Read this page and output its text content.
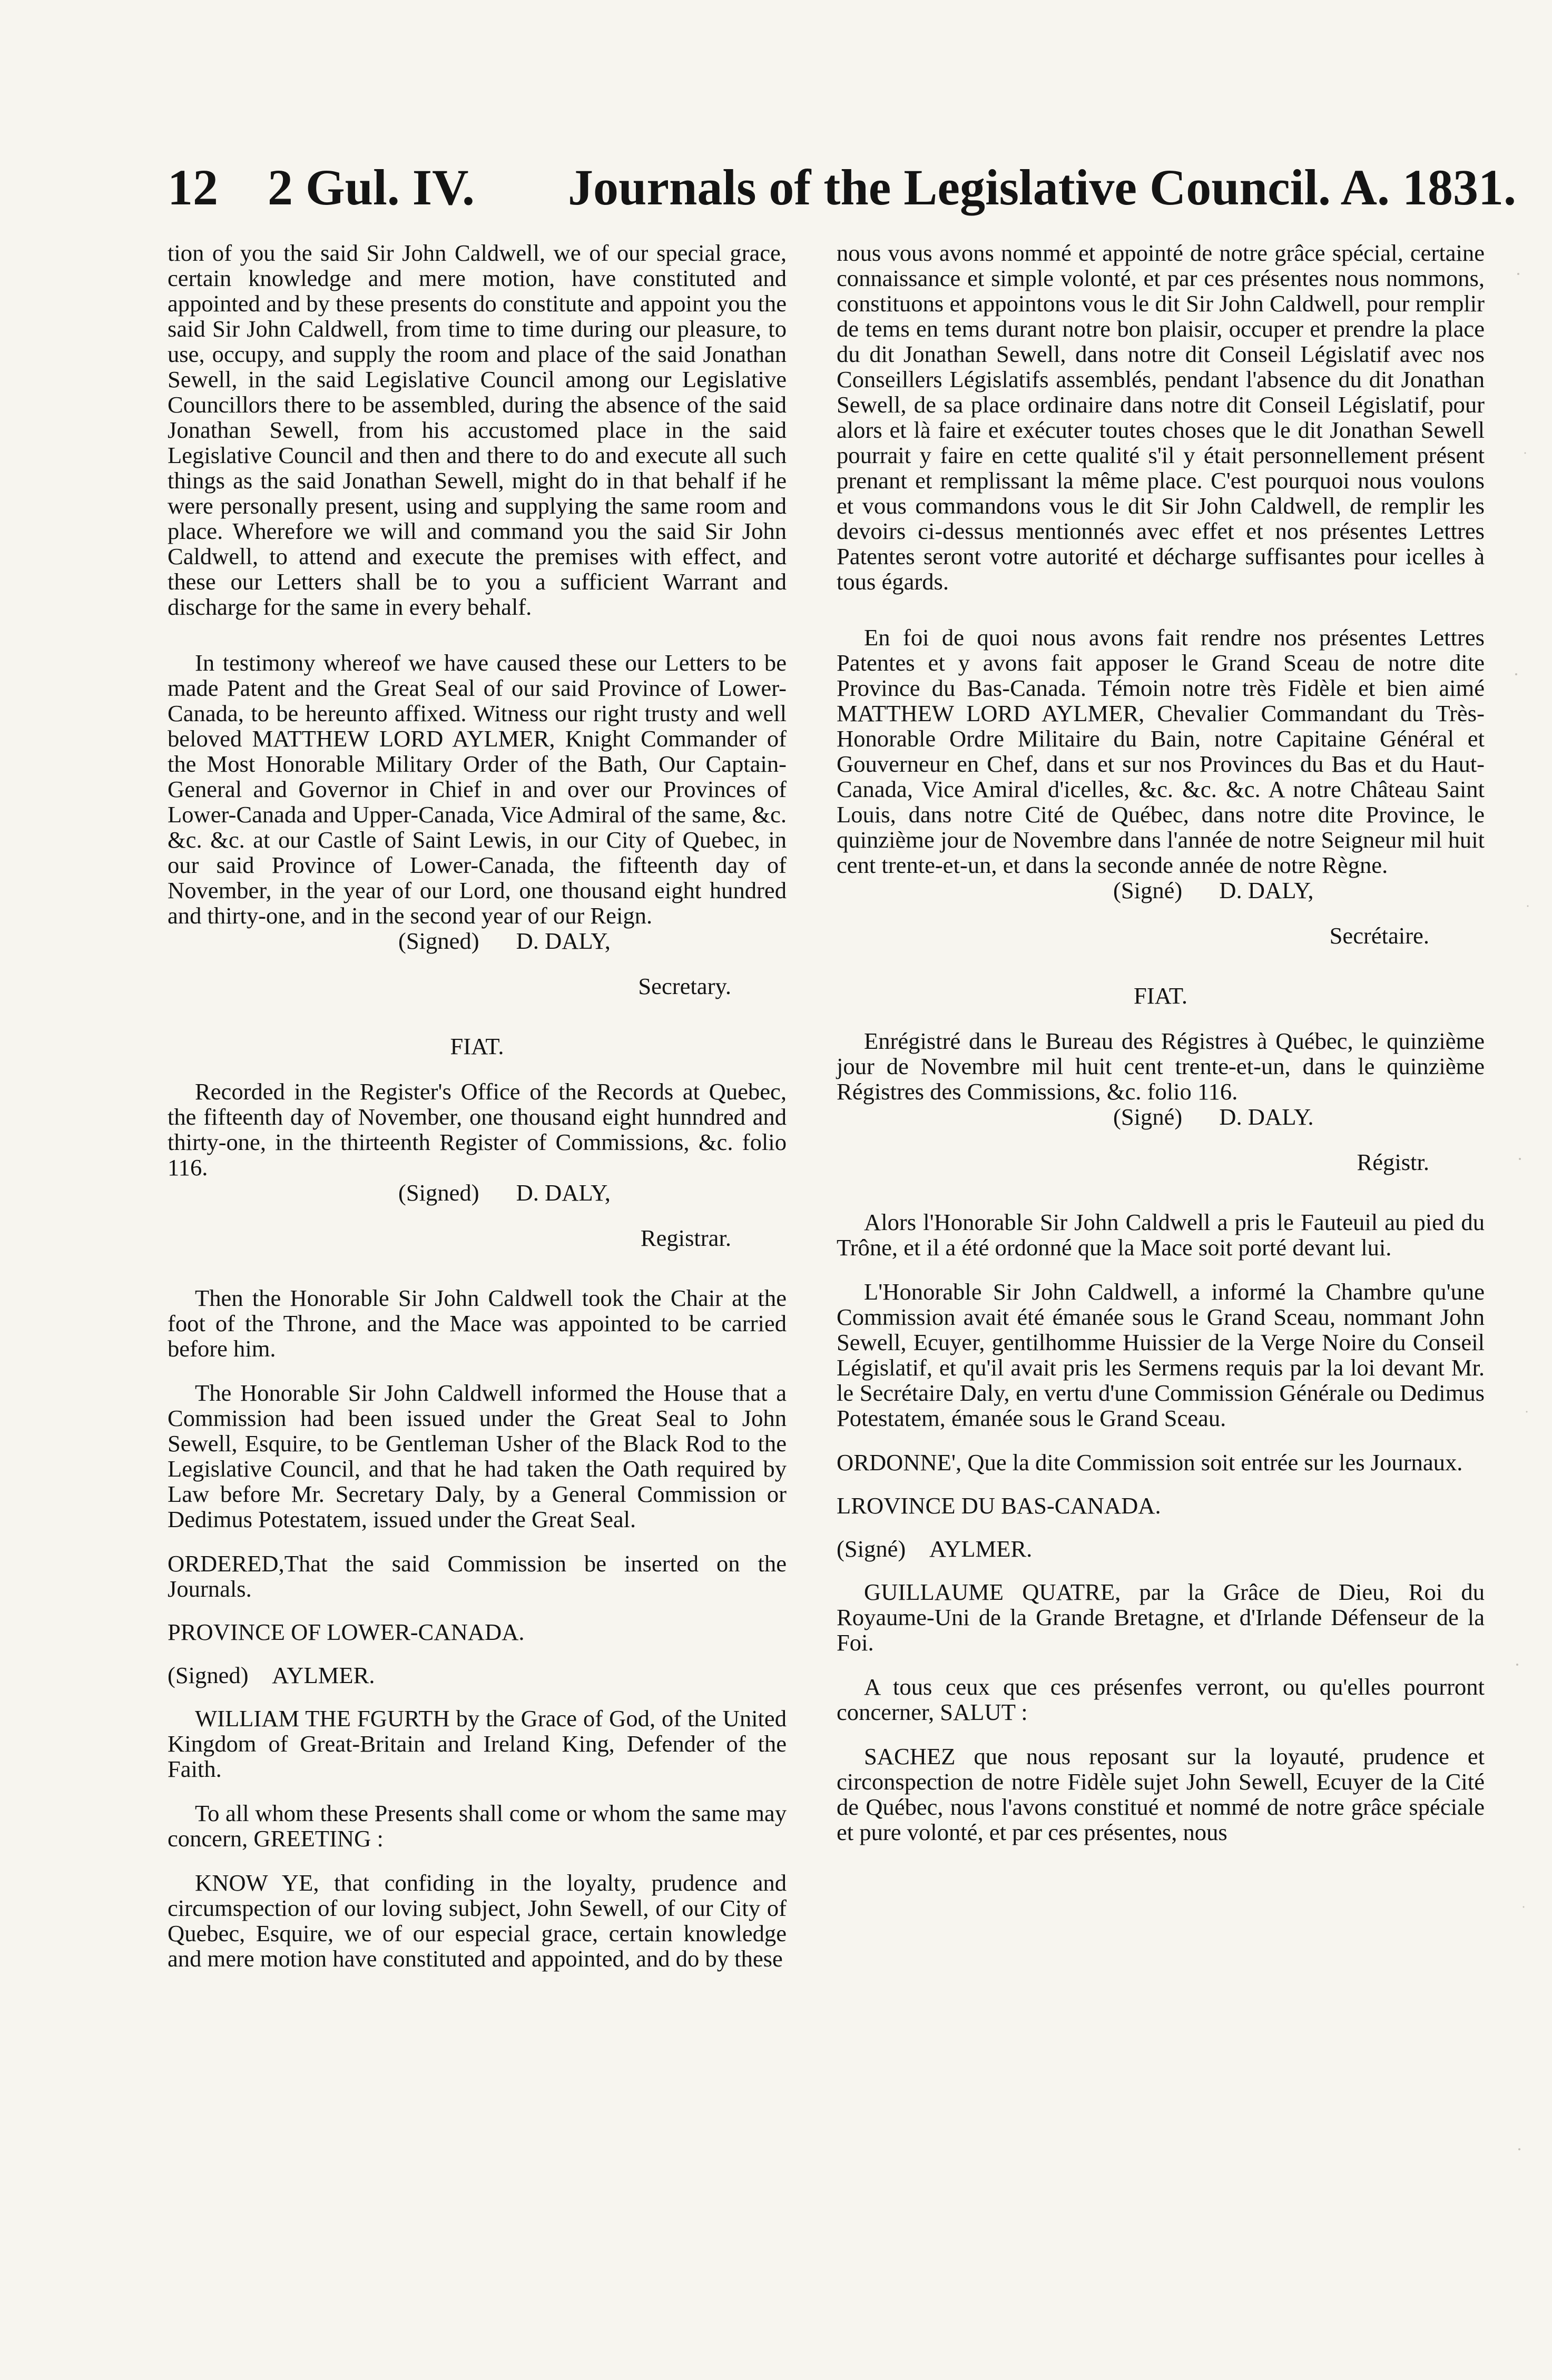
12 2 Gul. IV. Journals of the Legislative Council. A. 1831.

tion of you the said Sir John Caldwell, we of our special grace, certain knowledge and mere motion, have constituted and appointed and by these presents do constitute and appoint you the said Sir John Caldwell, from time to time during our pleasure, to use, occupy, and supply the room and place of the said Jonathan Sewell, in the said Legislative Council among our Legislative Councillors there to be assembled, during the absence of the said Jonathan Sewell, from his accustomed place in the said Legislative Council and then and there to do and execute all such things as the said Jonathan Sewell, might do in that behalf if he were personally present, using and supplying the same room and place. Wherefore we will and command you the said Sir John Caldwell, to attend and execute the premises with effect, and these our Letters shall be to you a sufficient Warrant and discharge for the same in every behalf.

In testimony whereof we have caused these our Letters to be made Patent and the Great Seal of our said Province of Lower-Canada, to be hereunto affixed. Witness our right trusty and well beloved MATTHEW LORD AYLMER, Knight Commander of the Most Honorable Military Order of the Bath, Our Captain-General and Governor in Chief in and over our Provinces of Lower-Canada and Upper-Canada, Vice Admiral of the same, &c. &c. &c. at our Castle of Saint Lewis, in our City of Quebec, in our said Province of Lower-Canada, the fifteenth day of November, in the year of our Lord, one thousand eight hundred and thirty-one, and in the second year of our Reign.

(Signed) D. DALY,

Secretary.

FIAT.

Recorded in the Register's Office of the Records at Quebec, the fifteenth day of November, one thousand eight hunndred and thirty-one, in the thirteenth Register of Commissions, &c. folio 116.

(Signed) D. DALY,

Registrar.

Then the Honorable Sir John Caldwell took the Chair at the foot of the Throne, and the Mace was appointed to be carried before him.

The Honorable Sir John Caldwell informed the House that a Commission had been issued under the Great Seal to John Sewell, Esquire, to be Gentleman Usher of the Black Rod to the Legislative Council, and that he had taken the Oath required by Law before Mr. Secretary Daly, by a General Commission or Dedimus Potestatem, issued under the Great Seal.

ORDERED,That the said Commission be inserted on the Journals.

PROVINCE OF LOWER-CANADA.

(Signed) AYLMER.

WILLIAM THE FGURTH by the Grace of God, of the United Kingdom of Great-Britain and Ireland King, Defender of the Faith.

To all whom these Presents shall come or whom the same may concern, GREETING :

KNOW YE, that confiding in the loyalty, prudence and circumspection of our loving subject, John Sewell, of our City of Quebec, Esquire, we of our especial grace, certain knowledge and mere motion have constituted and appointed, and do by these

nous vous avons nommé et appointé de notre grâce spécial, certaine connaissance et simple volonté, et par ces présentes nous nommons, constituons et appointons vous le dit Sir John Caldwell, pour remplir de tems en tems durant notre bon plaisir, occuper et prendre la place du dit Jonathan Sewell, dans notre dit Conseil Législatif avec nos Conseillers Législatifs assemblés, pendant l'absence du dit Jonathan Sewell, de sa place ordinaire dans notre dit Conseil Législatif, pour alors et là faire et exécuter toutes choses que le dit Jonathan Sewell pourrait y faire en cette qualité s'il y était personnellement présent prenant et remplissant la même place. C'est pourquoi nous voulons et vous commandons vous le dit Sir John Caldwell, de remplir les devoirs ci-dessus mentionnés avec effet et nos présentes Lettres Patentes seront votre autorité et décharge suffisantes pour icelles à tous égards.

En foi de quoi nous avons fait rendre nos présentes Lettres Patentes et y avons fait apposer le Grand Sceau de notre dite Province du Bas-Canada. Témoin notre très Fidèle et bien aimé MATTHEW LORD AYLMER, Chevalier Commandant du Très-Honorable Ordre Militaire du Bain, notre Capitaine Général et Gouverneur en Chef, dans et sur nos Provinces du Bas et du Haut-Canada, Vice Amiral d'icelles, &c. &c. &c. A notre Château Saint Louis, dans notre Cité de Québec, dans notre dite Province, le quinzième jour de Novembre dans l'année de notre Seigneur mil huit cent trente-et-un, et dans la seconde année de notre Règne.

(Signé) D. DALY,

Secrétaire.

FIAT.

Enrégistré dans le Bureau des Régistres à Québec, le quinzième jour de Novembre mil huit cent trente-et-un, dans le quinzième Régistres des Commissions, &c. folio 116.

(Signé) D. DALY.

Régistr.

Alors l'Honorable Sir John Caldwell a pris le Fauteuil au pied du Trône, et il a été ordonné que la Mace soit porté devant lui.

L'Honorable Sir John Caldwell, a informé la Chambre qu'une Commission avait été émanée sous le Grand Sceau, nommant John Sewell, Ecuyer, gentilhomme Huissier de la Verge Noire du Conseil Législatif, et qu'il avait pris les Sermens requis par la loi devant Mr. le Secrétaire Daly, en vertu d'une Commission Générale ou Dedimus Potestatem, émanée sous le Grand Sceau.

ORDONNE', Que la dite Commission soit entrée sur les Journaux.

LROVINCE DU BAS-CANADA.

(Signé) AYLMER.

GUILLAUME QUATRE, par la Grâce de Dieu, Roi du Royaume-Uni de la Grande Bretagne, et d'Irlande Défenseur de la Foi.

A tous ceux que ces présenfes verront, ou qu'elles pourront concerner, SALUT :

SACHEZ que nous reposant sur la loyauté, prudence et circonspection de notre Fidèle sujet John Sewell, Ecuyer de la Cité de Québec, nous l'avons constitué et nommé de notre grâce spéciale et pure volonté, et par ces présentes, nous
